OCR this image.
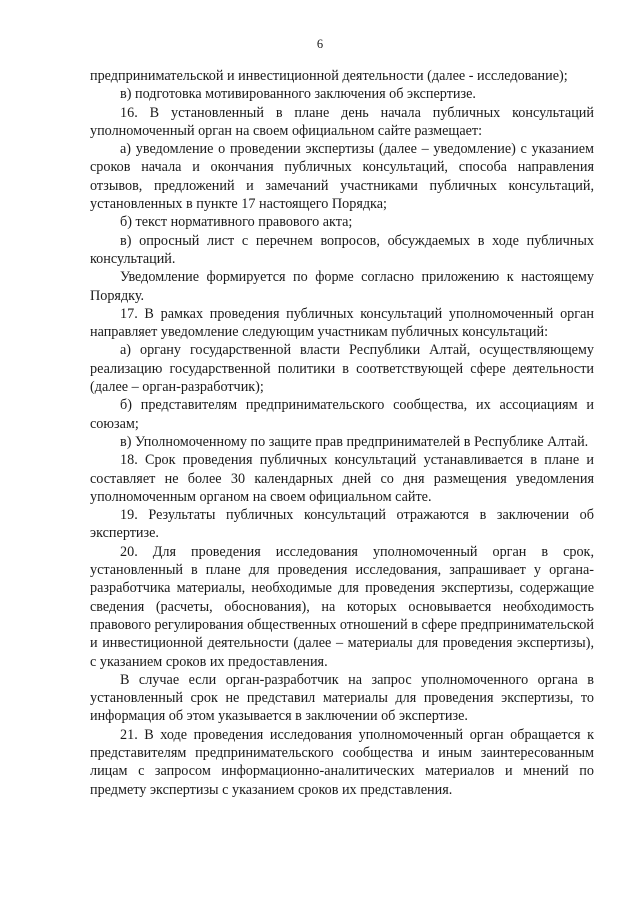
6

предпринимательской и инвестиционной деятельности (далее - исследование);

в) подготовка мотивированного заключения об экспертизе.

16. В установленный в плане день начала публичных консультаций уполномоченный орган на своем официальном сайте размещает:

а) уведомление о проведении экспертизы (далее – уведомление) с указанием сроков начала и окончания публичных консультаций, способа направления отзывов, предложений и замечаний участниками публичных консультаций, установленных в пункте 17 настоящего Порядка;

б) текст нормативного правового акта;

в) опросный лист с перечнем вопросов, обсуждаемых в ходе публичных консультаций.

Уведомление формируется по форме согласно приложению к настоящему Порядку.

17. В рамках проведения публичных консультаций уполномоченный орган направляет уведомление следующим участникам публичных консультаций:

а) органу государственной власти Республики Алтай, осуществляющему реализацию государственной политики в соответствующей сфере деятельности (далее – орган-разработчик);

б) представителям предпринимательского сообщества, их ассоциациям и союзам;

в) Уполномоченному по защите прав предпринимателей в Республике Алтай.

18. Срок проведения публичных консультаций устанавливается в плане и составляет не более 30 календарных дней со дня размещения уведомления уполномоченным органом на своем официальном сайте.

19. Результаты публичных консультаций отражаются в заключении об экспертизе.

20. Для проведения исследования уполномоченный орган в срок, установленный в плане для проведения исследования, запрашивает у органа-разработчика материалы, необходимые для проведения экспертизы, содержащие сведения (расчеты, обоснования), на которых основывается необходимость правового регулирования общественных отношений в сфере предпринимательской и инвестиционной деятельности (далее – материалы для проведения экспертизы), с указанием сроков их предоставления.

В случае если орган-разработчик на запрос уполномоченного органа в установленный срок не представил материалы для проведения экспертизы, то информация об этом указывается в заключении об экспертизе.

21. В ходе проведения исследования уполномоченный орган обращается к представителям предпринимательского сообщества и иным заинтересованным лицам с запросом информационно-аналитических материалов и мнений по предмету экспертизы с указанием сроков их представления.
